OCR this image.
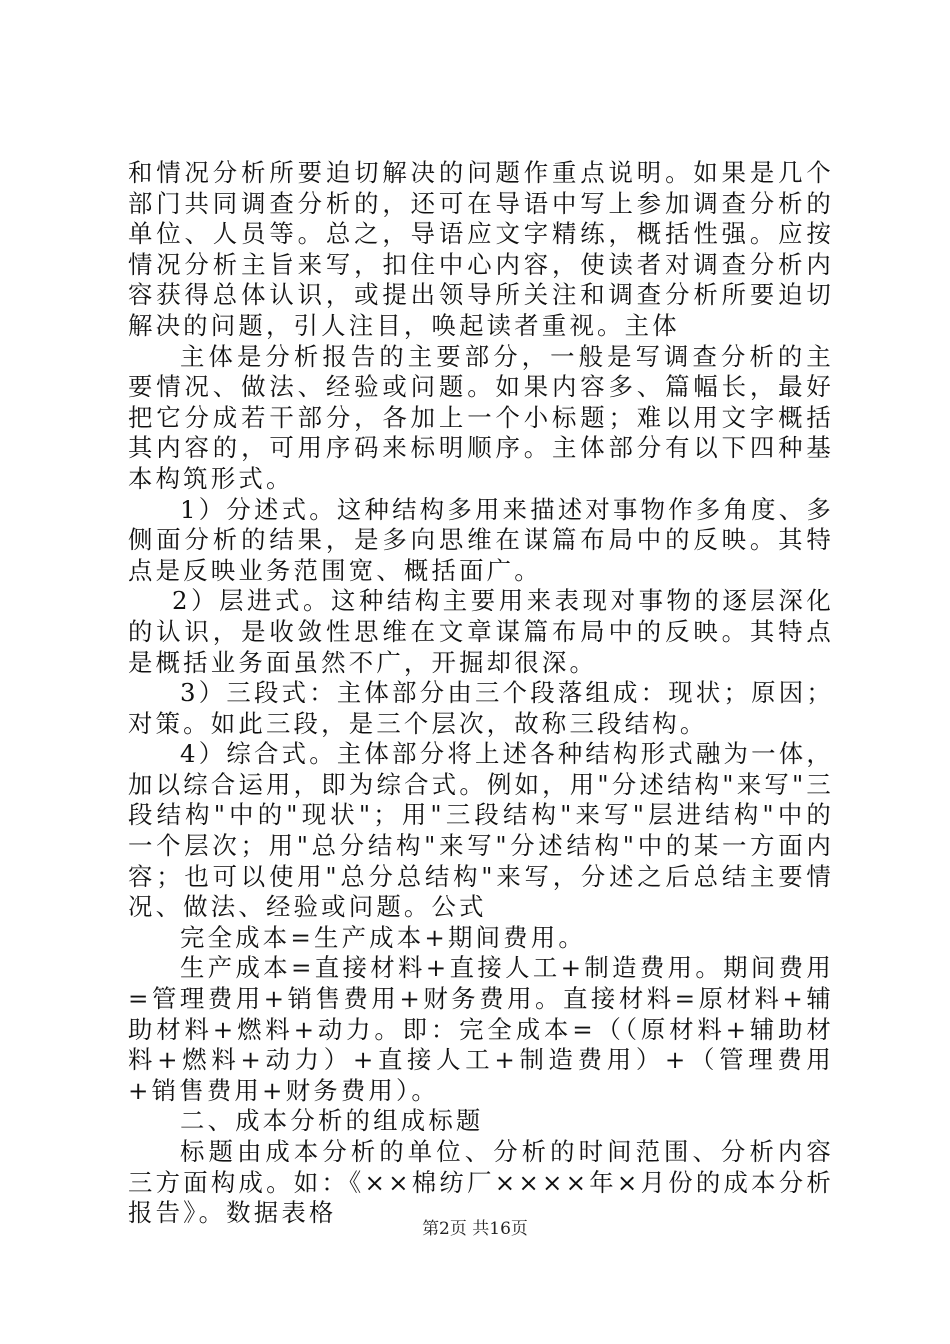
和情况分析所要迫切解决的问题作重点说明。如果是几个部门共同调查分析的，还可在导语中写上参加调查分析的单位、人员等。总之，导语应文字精练，概括性强。应按情况分析主旨来写，扣住中心内容，使读者对调查分析内容获得总体认识，或提出领导所关注和调查分析所要迫切解决的问题，引人注目，唤起读者重视。主体

主体是分析报告的主要部分，一般是写调查分析的主要情况、做法、经验或问题。如果内容多、篇幅长，最好把它分成若干部分，各加上一个小标题；难以用文字概括其内容的，可用序码来标明顺序。主体部分有以下四种基本构筑形式。

1）分述式。这种结构多用来描述对事物作多角度、多侧面分析的结果，是多向思维在谋篇布局中的反映。其特点是反映业务范围宽、概括面广。

2）层进式。这种结构主要用来表现对事物的逐层深化的认识，是收敛性思维在文章谋篇布局中的反映。其特点是概括业务面虽然不广，开掘却很深。

3）三段式：主体部分由三个段落组成：现状；原因；对策。如此三段，是三个层次，故称三段结构。

4）综合式。主体部分将上述各种结构形式融为一体，加以综合运用，即为综合式。例如，用"分述结构"来写"三段结构"中的"现状"；用"三段结构"来写"层进结构"中的一个层次；用"总分结构"来写"分述结构"中的某一方面内容；也可以使用"总分总结构"来写，分述之后总结主要情况、做法、经验或问题。公式

完全成本=生产成本+期间费用。

生产成本=直接材料+直接人工+制造费用。期间费用=管理费用+销售费用+财务费用。直接材料=原材料+辅助材料+燃料+动力。即：完全成本=（（原材料+辅助材料+燃料+动力）+直接人工+制造费用）+（管理费用+销售费用+财务费用）。

二、成本分析的组成标题

标题由成本分析的单位、分析的时间范围、分析内容三方面构成。如：《××棉纺厂××××年×月份的成本分析报告》。数据表格

第2页 共16页
